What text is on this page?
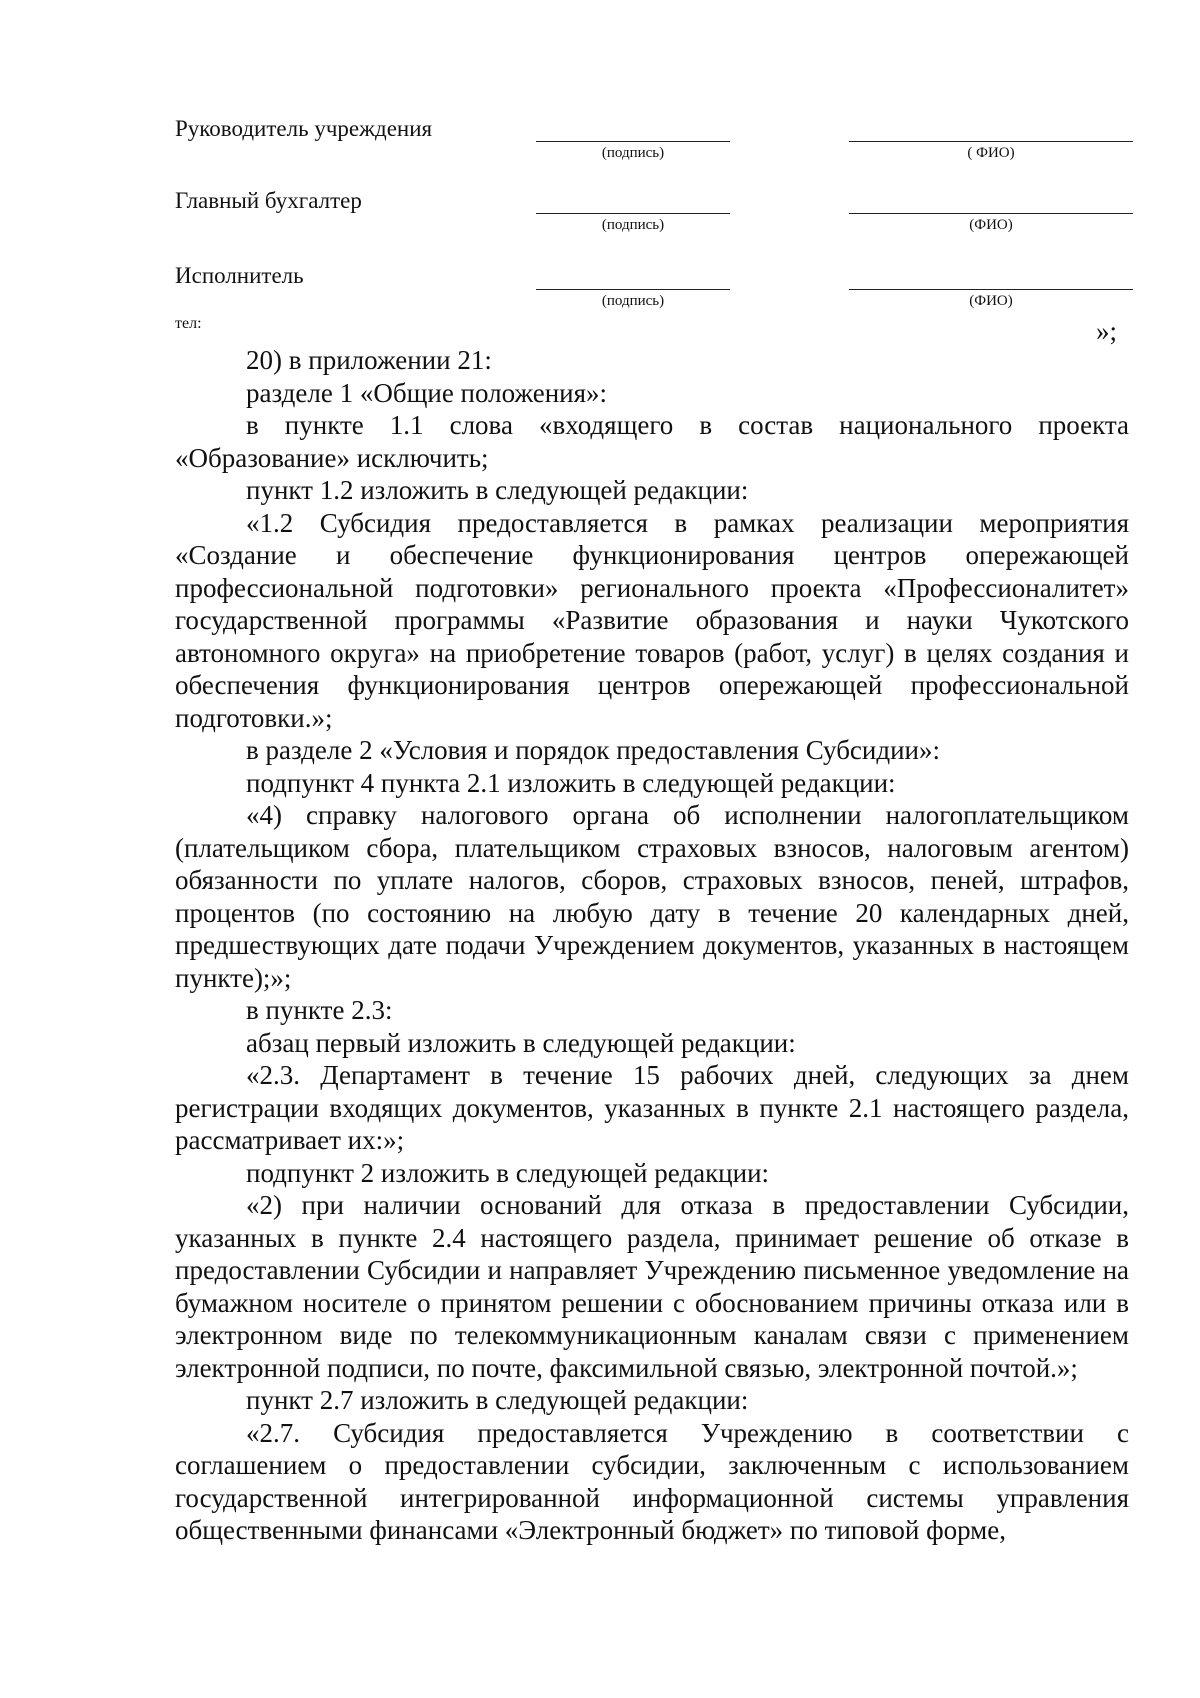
Руководитель учреждения
(подпись)	( ФИО)
Главный бухгалтер
(подпись)	(ФИО)
Исполнитель
(подпись)	(ФИО)
тел:	»;

20) в приложении 21:

разделе 1 «Общие положения»:

в пункте 1.1 слова «входящего в состав национального проекта «Образование» исключить;

пункт 1.2 изложить в следующей редакции:

«1.2 Субсидия предоставляется в рамках реализации мероприятия «Создание и обеспечение функционирования центров опережающей профессиональной подготовки» регионального проекта «Профессионалитет» государственной программы «Развитие образования и науки Чукотского автономного округа» на приобретение товаров (работ, услуг) в целях создания и обеспечения функционирования центров опережающей профессиональной подготовки.»;

в разделе 2 «Условия и порядок предоставления Субсидии»:

подпункт 4 пункта 2.1 изложить в следующей редакции:

«4) справку налогового органа об исполнении налогоплательщиком (плательщиком сбора, плательщиком страховых взносов, налоговым агентом) обязанности по уплате налогов, сборов, страховых взносов, пеней, штрафов, процентов (по состоянию на любую дату в течение 20 календарных дней, предшествующих дате подачи Учреждением документов, указанных в настоящем пункте);»;

в пункте 2.3:

абзац первый изложить в следующей редакции:

«2.3. Департамент в течение 15 рабочих дней, следующих за днем регистрации входящих документов, указанных в пункте 2.1 настоящего раздела, рассматривает их:»;

подпункт 2 изложить в следующей редакции:

«2) при наличии оснований для отказа в предоставлении Субсидии, указанных в пункте 2.4 настоящего раздела, принимает решение об отказе в предоставлении Субсидии и направляет Учреждению письменное уведомление на бумажном носителе о принятом решении с обоснованием причины отказа или в электронном виде по телекоммуникационным каналам связи с применением электронной подписи, по почте, факсимильной связью, электронной почтой.»;

пункт 2.7 изложить в следующей редакции:

«2.7. Субсидия предоставляется Учреждению в соответствии с соглашением о предоставлении субсидии, заключенным с использованием государственной интегрированной информационной системы управления общественными финансами «Электронный бюджет» по типовой форме,
